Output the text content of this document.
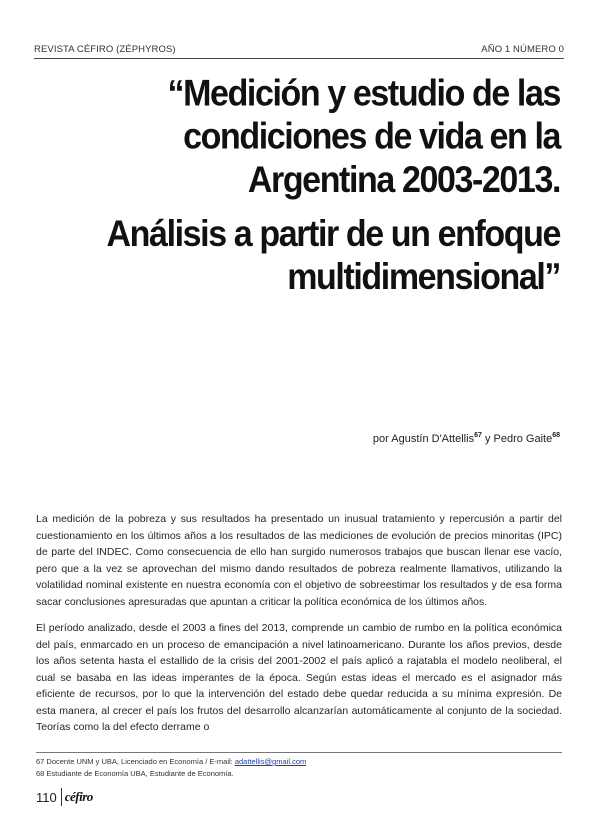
REVISTA CÉFIRO (ZÉPHYROS)	AÑO 1 NÚMERO 0
“Medición y estudio de las
condiciones de vida en la
Argentina 2003-2013.
Análisis a partir de un enfoque
multidimensional”
por Agustín D'Attellis$^{67}$ y Pedro Gaite$^{68}$

La medición de la pobreza y sus resultados ha presentado un inusual tratamiento y repercusión a partir del cuestionamiento en los últimos años a los resultados de las mediciones de evolución de precios minoritas (IPC) de parte del INDEC. Como consecuencia de ello han surgido numerosos trabajos que buscan llenar ese vacío, pero que a la vez se aprovechan del mismo dando resultados de pobreza realmente llamativos, utilizando la volatilidad nominal existente en nuestra economía con el objetivo de sobreestimar los resultados y de esa forma sacar conclusiones apresuradas que apuntan a criticar la política económica de los últimos años.

El período analizado, desde el 2003 a fines del 2013, comprende un cambio de rumbo en la política económica del país, enmarcado en un proceso de emancipación a nivel latinoamericano. Durante los años previos, desde los años setenta hasta el estallido de la crisis del 2001-2002 el país aplicó a rajatabla el modelo neoliberal, el cual se basaba en las ideas imperantes de la época. Según estas ideas el mercado es el asignador más eficiente de recursos, por lo que la intervención del estado debe quedar reducida a su mínima expresión. De esta manera, al crecer el país los frutos del desarrollo alcanzarían automáticamente al conjunto de la sociedad. Teorías como la del efecto derrame o

67 Docente UNM y UBA, Licenciado en Economía / E-mail: adattellis@gmail.com
68 Estudiante de Economía UBA, Estudiante de Economía.
110 céfiro
